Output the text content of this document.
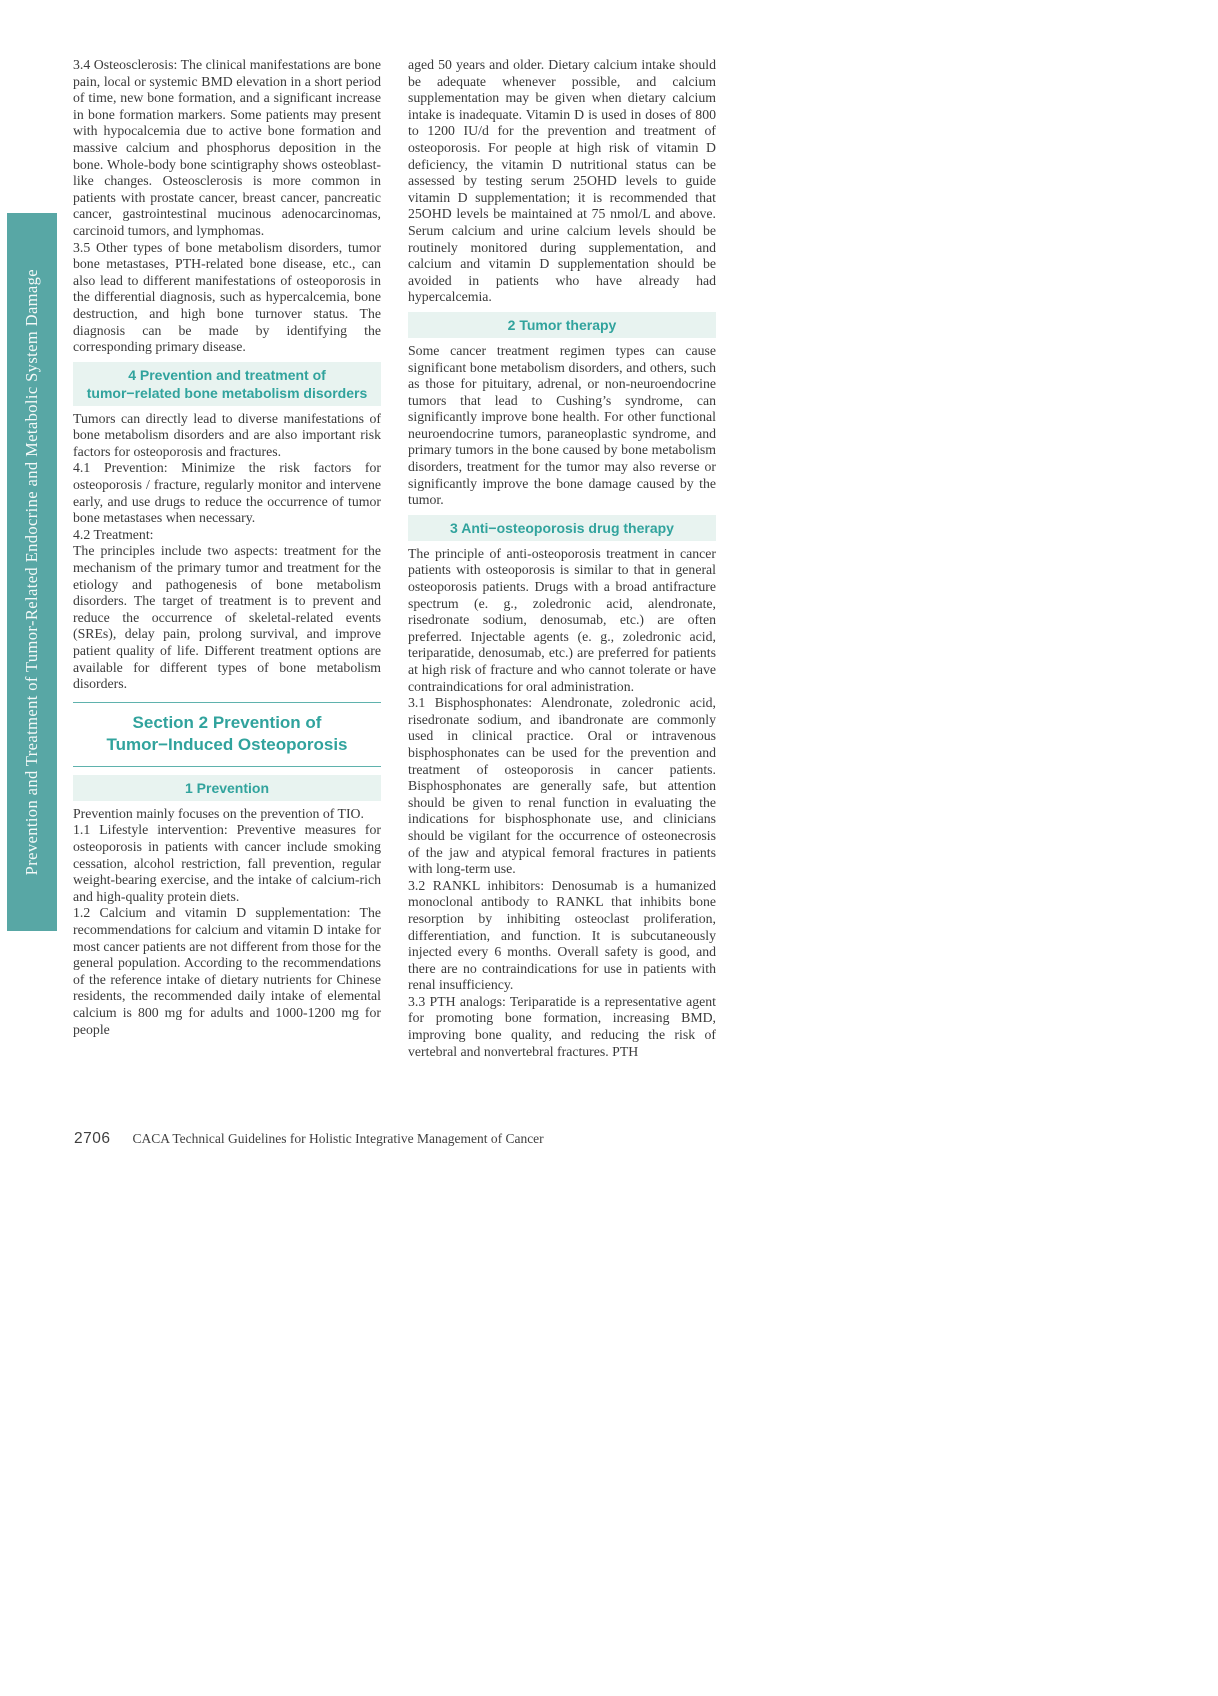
Prevention and Treatment of Tumor-Related Endocrine and Metabolic System Damage

3.4 Osteosclerosis: The clinical manifestations are bone pain, local or systemic BMD elevation in a short period of time, new bone formation, and a significant increase in bone formation markers. Some patients may present with hypocalcemia due to active bone formation and massive calcium and phosphorus deposition in the bone. Whole-body bone scintigraphy shows osteoblast-like changes. Osteosclerosis is more common in patients with prostate cancer, breast cancer, pancreatic cancer, gastrointestinal mucinous adenocarcinomas, carcinoid tumors, and lymphomas.

3.5 Other types of bone metabolism disorders, tumor bone metastases, PTH-related bone disease, etc., can also lead to different manifestations of osteoporosis in the differential diagnosis, such as hypercalcemia, bone destruction, and high bone turnover status. The diagnosis can be made by identifying the corresponding primary disease.

4 Prevention and treatment of tumor−related bone metabolism disorders

Tumors can directly lead to diverse manifestations of bone metabolism disorders and are also important risk factors for osteoporosis and fractures.

4.1 Prevention: Minimize the risk factors for osteoporosis / fracture, regularly monitor and intervene early, and use drugs to reduce the occurrence of tumor bone metastases when necessary.

4.2 Treatment:

The principles include two aspects: treatment for the mechanism of the primary tumor and treatment for the etiology and pathogenesis of bone metabolism disorders. The target of treatment is to prevent and reduce the occurrence of skeletal-related events (SREs), delay pain, prolong survival, and improve patient quality of life. Different treatment options are available for different types of bone metabolism disorders.

Section 2 Prevention of Tumor−Induced Osteoporosis
1 Prevention

Prevention mainly focuses on the prevention of TIO.

1.1 Lifestyle intervention: Preventive measures for osteoporosis in patients with cancer include smoking cessation, alcohol restriction, fall prevention, regular weight-bearing exercise, and the intake of calcium-rich and high-quality protein diets.

1.2 Calcium and vitamin D supplementation: The recommendations for calcium and vitamin D intake for most cancer patients are not different from those for the general population. According to the recommendations of the reference intake of dietary nutrients for Chinese residents, the recommended daily intake of elemental calcium is 800 mg for adults and 1000-1200 mg for people

aged 50 years and older. Dietary calcium intake should be adequate whenever possible, and calcium supplementation may be given when dietary calcium intake is inadequate. Vitamin D is used in doses of 800 to 1200 IU/d for the prevention and treatment of osteoporosis. For people at high risk of vitamin D deficiency, the vitamin D nutritional status can be assessed by testing serum 25OHD levels to guide vitamin D supplementation; it is recommended that 25OHD levels be maintained at 75 nmol/L and above. Serum calcium and urine calcium levels should be routinely monitored during supplementation, and calcium and vitamin D supplementation should be avoided in patients who have already had hypercalcemia.

2 Tumor therapy

Some cancer treatment regimen types can cause significant bone metabolism disorders, and others, such as those for pituitary, adrenal, or non-neuroendocrine tumors that lead to Cushing’s syndrome, can significantly improve bone health. For other functional neuroendocrine tumors, paraneoplastic syndrome, and primary tumors in the bone caused by bone metabolism disorders, treatment for the tumor may also reverse or significantly improve the bone damage caused by the tumor.

3 Anti−osteoporosis drug therapy

The principle of anti-osteoporosis treatment in cancer patients with osteoporosis is similar to that in general osteoporosis patients. Drugs with a broad antifracture spectrum (e. g., zoledronic acid, alendronate, risedronate sodium, denosumab, etc.) are often preferred. Injectable agents (e. g., zoledronic acid, teriparatide, denosumab, etc.) are preferred for patients at high risk of fracture and who cannot tolerate or have contraindications for oral administration.

3.1 Bisphosphonates: Alendronate, zoledronic acid, risedronate sodium, and ibandronate are commonly used in clinical practice. Oral or intravenous bisphosphonates can be used for the prevention and treatment of osteoporosis in cancer patients. Bisphosphonates are generally safe, but attention should be given to renal function in evaluating the indications for bisphosphonate use, and clinicians should be vigilant for the occurrence of osteonecrosis of the jaw and atypical femoral fractures in patients with long-term use.

3.2 RANKL inhibitors: Denosumab is a humanized monoclonal antibody to RANKL that inhibits bone resorption by inhibiting osteoclast proliferation, differentiation, and function. It is subcutaneously injected every 6 months. Overall safety is good, and there are no contraindications for use in patients with renal insufficiency.

3.3 PTH analogs: Teriparatide is a representative agent for promoting bone formation, increasing BMD, improving bone quality, and reducing the risk of vertebral and nonvertebral fractures. PTH

2706 CACA Technical Guidelines for Holistic Integrative Management of Cancer
